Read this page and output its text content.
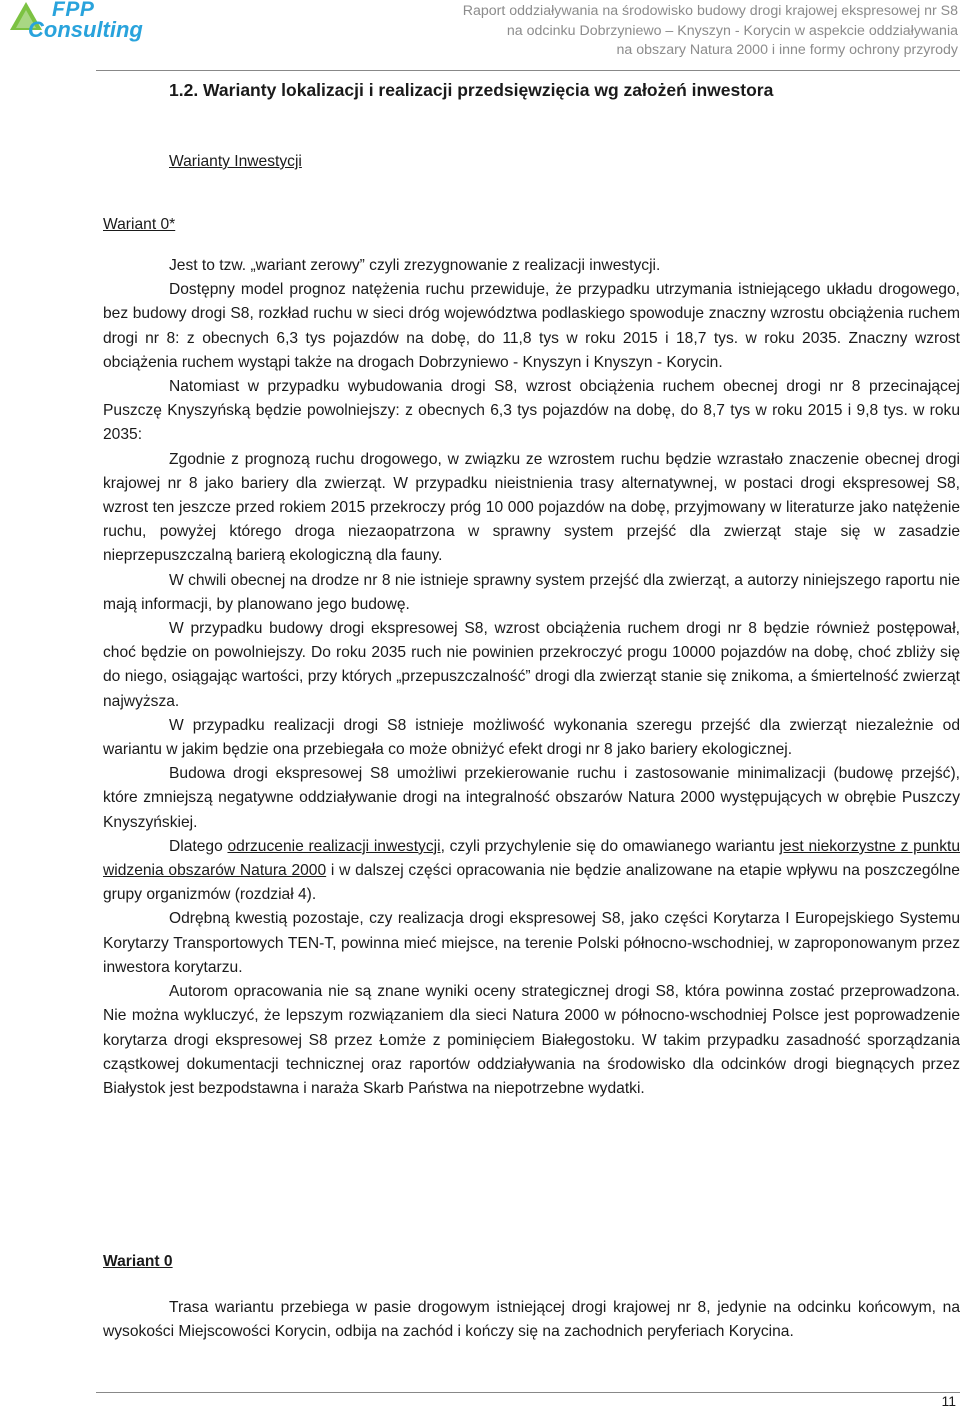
FPP
Consulting
Raport oddziaływania na środowisko budowy drogi krajowej ekspresowej nr S8
na odcinku Dobrzyniewo – Knyszyn - Korycin w aspekcie oddziaływania
na obszary Natura 2000 i inne formy ochrony przyrody
1.2. Warianty lokalizacji i realizacji przedsięwzięcia wg założeń inwestora
Warianty Inwestycji
Wariant 0*

Jest to tzw. „wariant zerowy” czyli zrezygnowanie z realizacji inwestycji.

Dostępny model prognoz natężenia ruchu przewiduje, że przypadku utrzymania istniejącego układu drogowego, bez budowy drogi S8, rozkład ruchu w sieci dróg województwa podlaskiego spowoduje znaczny wzrostu obciążenia ruchem drogi nr 8: z obecnych 6,3 tys pojazdów na dobę, do 11,8 tys w roku 2015 i 18,7 tys. w roku 2035. Znaczny wzrost obciążenia ruchem wystąpi także na drogach Dobrzyniewo - Knyszyn i Knyszyn - Korycin.

Natomiast w przypadku wybudowania drogi S8, wzrost obciążenia ruchem obecnej drogi nr 8 przecinającej Puszczę Knyszyńską będzie powolniejszy: z obecnych 6,3 tys pojazdów na dobę, do 8,7 tys w roku 2015 i 9,8 tys. w roku 2035:

Zgodnie z prognozą ruchu drogowego, w związku ze wzrostem ruchu będzie wzrastało znaczenie obecnej drogi krajowej nr 8 jako bariery dla zwierząt. W przypadku nieistnienia trasy alternatywnej, w postaci drogi ekspresowej S8, wzrost ten jeszcze przed rokiem 2015 przekroczy próg 10 000 pojazdów na dobę, przyjmowany w literaturze jako natężenie ruchu, powyżej którego droga niezaopatrzona w sprawny system przejść dla zwierząt staje się w zasadzie nieprzepuszczalną barierą ekologiczną dla fauny.

W chwili obecnej na drodze nr 8 nie istnieje sprawny system przejść dla zwierząt, a autorzy niniejszego raportu nie mają informacji, by planowano jego budowę.

W przypadku budowy drogi ekspresowej S8, wzrost obciążenia ruchem drogi nr 8 będzie również postępował, choć będzie on powolniejszy. Do roku 2035 ruch nie powinien przekroczyć progu 10000 pojazdów na dobę, choć zbliży się do niego, osiągając wartości, przy których „przepuszczalność” drogi dla zwierząt stanie się znikoma, a śmiertelność zwierząt najwyższa.

W przypadku realizacji drogi S8 istnieje możliwość wykonania szeregu przejść dla zwierząt niezależnie od wariantu w jakim będzie ona przebiegała co może obniżyć efekt drogi nr 8 jako bariery ekologicznej.

Budowa drogi ekspresowej S8 umożliwi przekierowanie ruchu i zastosowanie minimalizacji (budowę przejść), które zmniejszą negatywne oddziaływanie drogi na integralność obszarów Natura 2000 występujących w obrębie Puszczy Knyszyńskiej.

Dlatego odrzucenie realizacji inwestycji, czyli przychylenie się do omawianego wariantu jest niekorzystne z punktu widzenia obszarów Natura 2000 i w dalszej części opracowania nie będzie analizowane na etapie wpływu na poszczególne grupy organizmów (rozdział 4).

Odrębną kwestią pozostaje, czy realizacja drogi ekspresowej S8, jako części Korytarza I Europejskiego Systemu Korytarzy Transportowych TEN-T, powinna mieć miejsce, na terenie Polski północno-wschodniej, w zaproponowanym przez inwestora korytarzu.

Autorom opracowania nie są znane wyniki oceny strategicznej drogi S8, która powinna zostać przeprowadzona. Nie można wykluczyć, że lepszym rozwiązaniem dla sieci Natura 2000 w północno-wschodniej Polsce jest poprowadzenie korytarza drogi ekspresowej S8 przez Łomże z pominięciem Białegostoku. W takim przypadku zasadność sporządzania cząstkowej dokumentacji technicznej oraz raportów oddziaływania na środowisko dla odcinków drogi biegnących przez Białystok jest bezpodstawna i naraża Skarb Państwa na niepotrzebne wydatki.

Wariant 0

Trasa wariantu przebiega w pasie drogowym istniejącej drogi krajowej nr 8, jedynie na odcinku końcowym, na wysokości Miejscowości Korycin, odbija na zachód i kończy się na zachodnich peryferiach Korycina.

11
